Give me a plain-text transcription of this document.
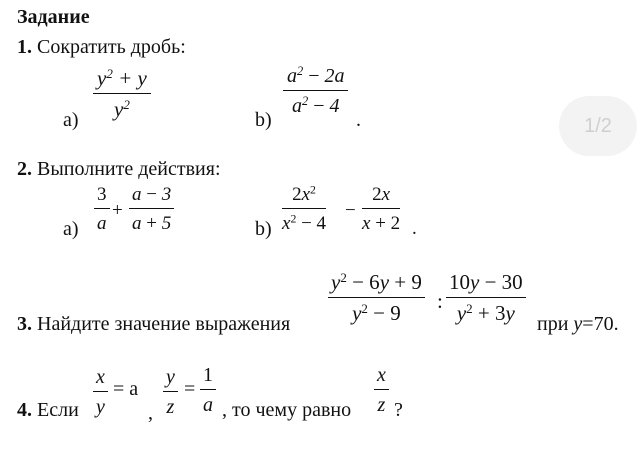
Задание
1. Сократить дробь:
a)
$y^2 + y$
$y^2$
b)
$a^2 - 2a$
$a^2 - 4$
.	1/2
2. Выполните действия:
a)
3
a
+
a − 3
a + 5	b)
$2x^2$
$x^2 - 4$
−
2x
x + 2 .
3. Найдите значение выражения
$y^2 - 6y + 9$
$y^2 - 9$ :
10y − 30
$y^2 + 3y$ при y=70.
4. Если
x
y
= a
,
y
z
=
1
a , то чему равно
x
z ?
